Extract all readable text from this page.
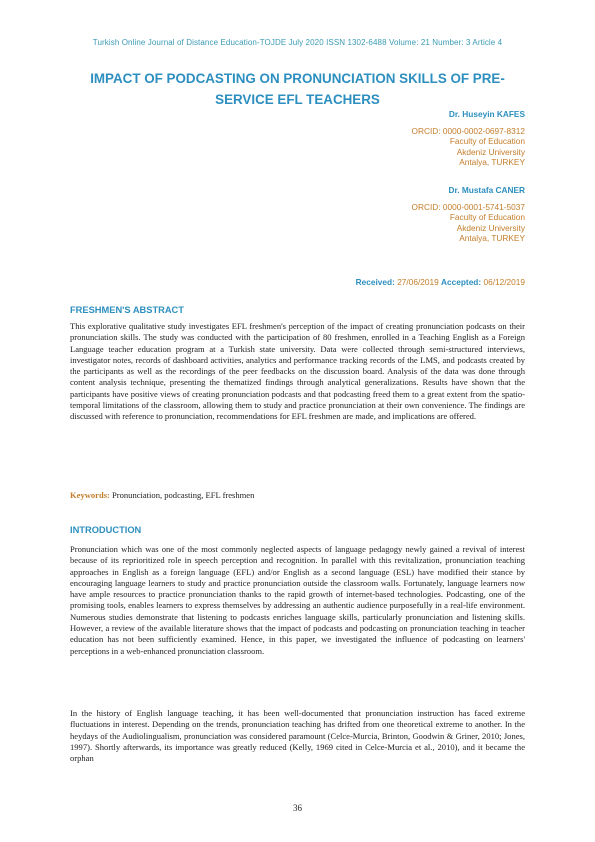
Turkish Online Journal of Distance Education-TOJDE July 2020 ISSN 1302-6488 Volume: 21 Number: 3 Article 4
IMPACT OF PODCASTING ON PRONUNCIATION SKILLS OF PRE-SERVICE EFL TEACHERS
Dr. Huseyin KAFES
ORCID: 0000-0002-0697-8312
Faculty of Education
Akdeniz University
Antalya, TURKEY
Dr. Mustafa CANER
ORCID: 0000-0001-5741-5037
Faculty of Education
Akdeniz University
Antalya, TURKEY
Received: 27/06/2019 Accepted: 06/12/2019
FRESHMEN'S ABSTRACT

This explorative qualitative study investigates EFL freshmen's perception of the impact of creating pronunciation podcasts on their pronunciation skills. The study was conducted with the participation of 80 freshmen, enrolled in a Teaching English as a Foreign Language teacher education program at a Turkish state university. Data were collected through semi-structured interviews, investigator notes, records of dashboard activities, analytics and performance tracking records of the LMS, and podcasts created by the participants as well as the recordings of the peer feedbacks on the discussion board. Analysis of the data was done through content analysis technique, presenting the thematized findings through analytical generalizations. Results have shown that the participants have positive views of creating pronunciation podcasts and that podcasting freed them to a great extent from the spatio-temporal limitations of the classroom, allowing them to study and practice pronunciation at their own convenience. The findings are discussed with reference to pronunciation, recommendations for EFL freshmen are made, and implications are offered.

Keywords: Pronunciation, podcasting, EFL freshmen
INTRODUCTION

Pronunciation which was one of the most commonly neglected aspects of language pedagogy newly gained a revival of interest because of its reprioritized role in speech perception and recognition. In parallel with this revitalization, pronunciation teaching approaches in English as a foreign language (EFL) and/or English as a second language (ESL) have modified their stance by encouraging language learners to study and practice pronunciation outside the classroom walls. Fortunately, language learners now have ample resources to practice pronunciation thanks to the rapid growth of internet-based technologies. Podcasting, one of the promising tools, enables learners to express themselves by addressing an authentic audience purposefully in a real-life environment. Numerous studies demonstrate that listening to podcasts enriches language skills, particularly pronunciation and listening skills. However, a review of the available literature shows that the impact of podcasts and podcasting on pronunciation teaching in teacher education has not been sufficiently examined. Hence, in this paper, we investigated the influence of podcasting on learners' perceptions in a web-enhanced pronunciation classroom.

In the history of English language teaching, it has been well-documented that pronunciation instruction has faced extreme fluctuations in interest. Depending on the trends, pronunciation teaching has drifted from one theoretical extreme to another. In the heydays of the Audiolingualism, pronunciation was considered paramount (Celce-Murcia, Brinton, Goodwin & Griner, 2010; Jones, 1997). Shortly afterwards, its importance was greatly reduced (Kelly, 1969 cited in Celce-Murcia et al., 2010), and it became the orphan

36
